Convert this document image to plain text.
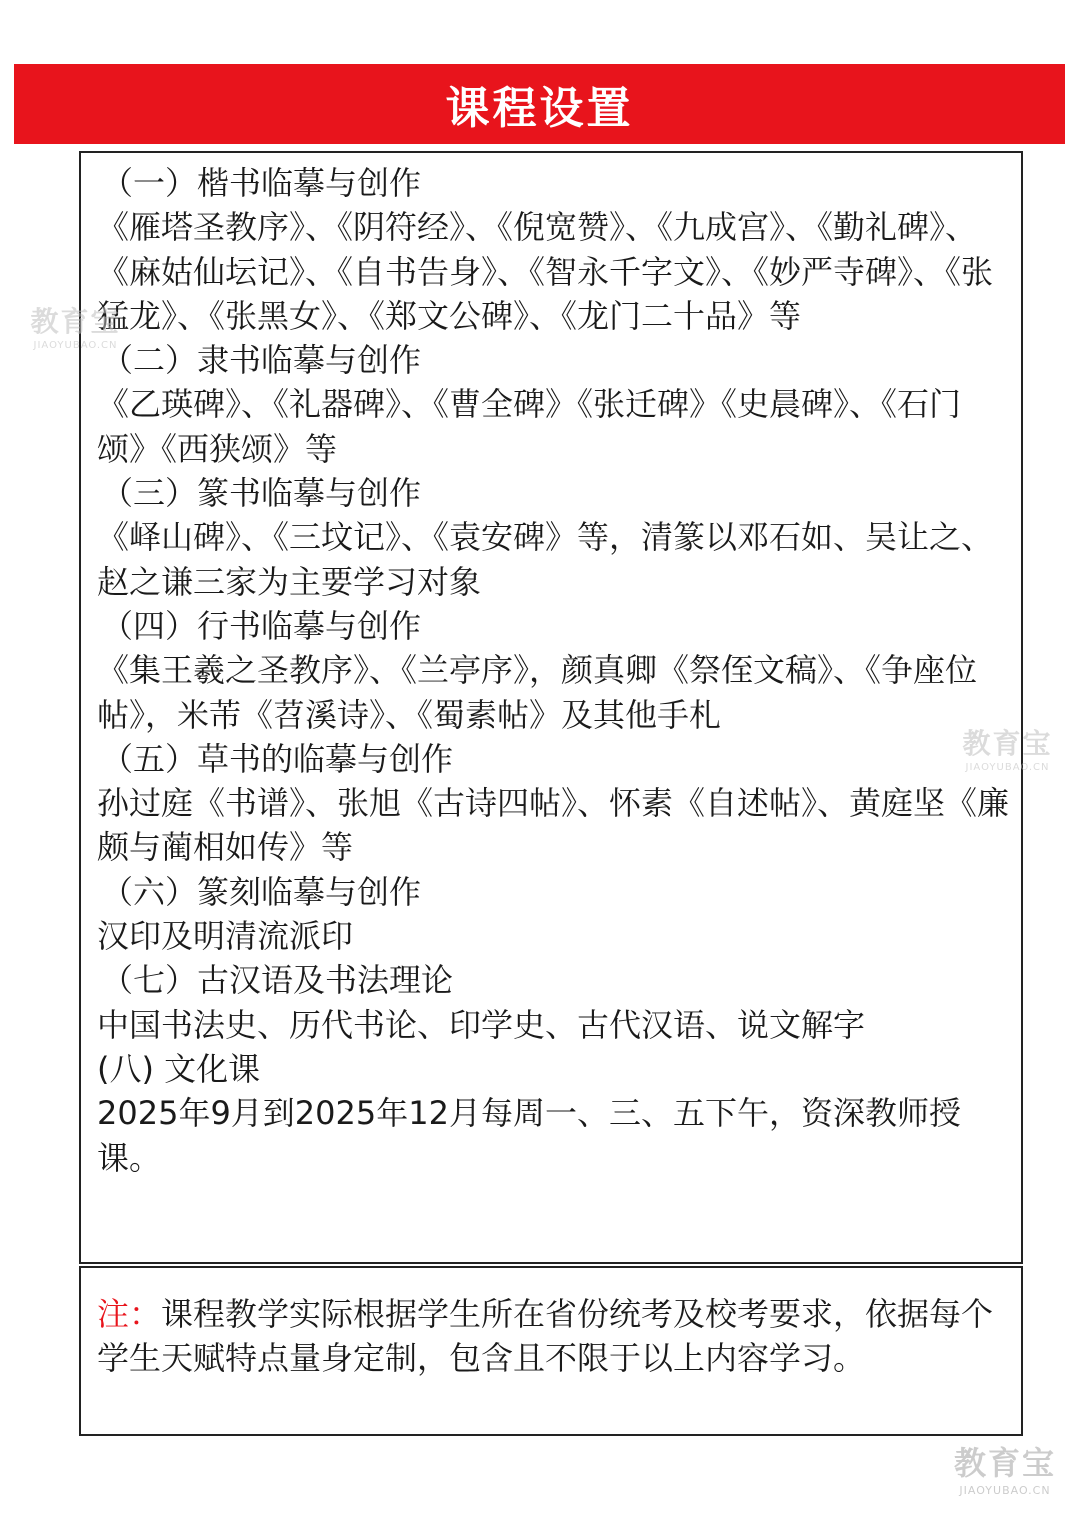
课程设置
（一）楷书临摹与创作
《雁塔圣教序》、《阴符经》、《倪宽赞》、《九成宫》、《勤礼碑》、《麻姑仙坛记》、《自书告身》、《智永千字文》、《妙严寺碑》、《张猛龙》、《张黑女》、《郑文公碑》、《龙门二十品》等
（二）隶书临摹与创作
《乙瑛碑》、《礼器碑》、《曹全碑》《张迁碑》《史晨碑》、《石门颂》《西狭颂》等
（三）篆书临摹与创作
《峄山碑》、《三坟记》、《袁安碑》等，清篆以邓石如、吴让之、赵之谦三家为主要学习对象
（四）行书临摹与创作
《集王羲之圣教序》、《兰亭序》，颜真卿《祭侄文稿》、《争座位帖》，米芾《苕溪诗》、《蜀素帖》及其他手札
（五）草书的临摹与创作
孙过庭《书谱》、张旭《古诗四帖》、怀素《自述帖》、黄庭坚《廉颇与蔺相如传》等
（六）篆刻临摹与创作
汉印及明清流派印
（七）古汉语及书法理论
中国书法史、历代书论、印学史、古代汉语、说文解字
(八) 文化课
2025年9月到2025年12月每周一、三、五下午，资深教师授课。
注：课程教学实际根据学生所在省份统考及校考要求，依据每个学生天赋特点量身定制，包含且不限于以上内容学习。
教育宝
JIAOYUBAO.CN
教育宝
JIAOYUBAO.CN
教育宝
JIAOYUBAO.CN
